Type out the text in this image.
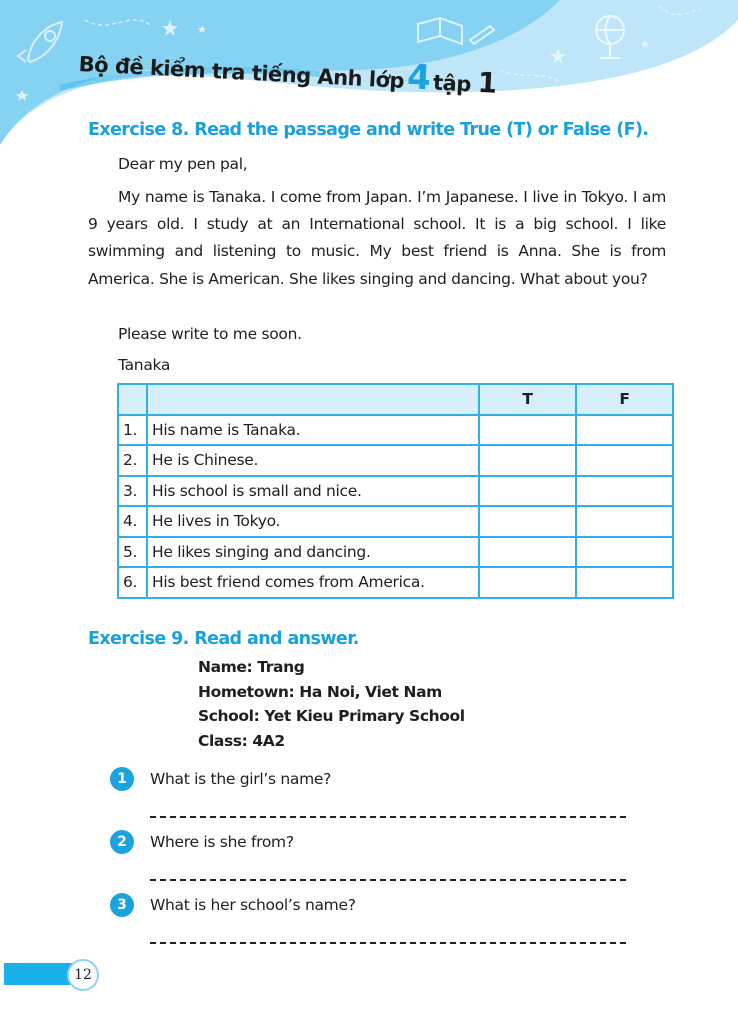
Bộ đề kiểm tra tiếng Anh lớp4tập 1
Exercise 8. Read the passage and write True (T) or False (F).
Dear my pen pal,
My name is Tanaka. I come from Japan. I’m Japanese. I live in Tokyo. I am 9 years old. I study at an International school. It is a big school. I like swimming and listening to music. My best friend is Anna. She is from America. She is American. She likes singing and dancing. What about you?
Please write to me soon.
Tanaka
		T	F
1.	His name is Tanaka.		
2.	He is Chinese.		
3.	His school is small and nice.		
4.	He lives in Tokyo.		
5.	He likes singing and dancing.		
6.	His best friend comes from America.		
Exercise 9. Read and answer.
Name: Trang
Hometown: Ha Noi, Viet Nam
School: Yet Kieu Primary School
Class: 4A2
1	What is the girl’s name?
2	Where is she from?
3	What is her school’s name?
12
